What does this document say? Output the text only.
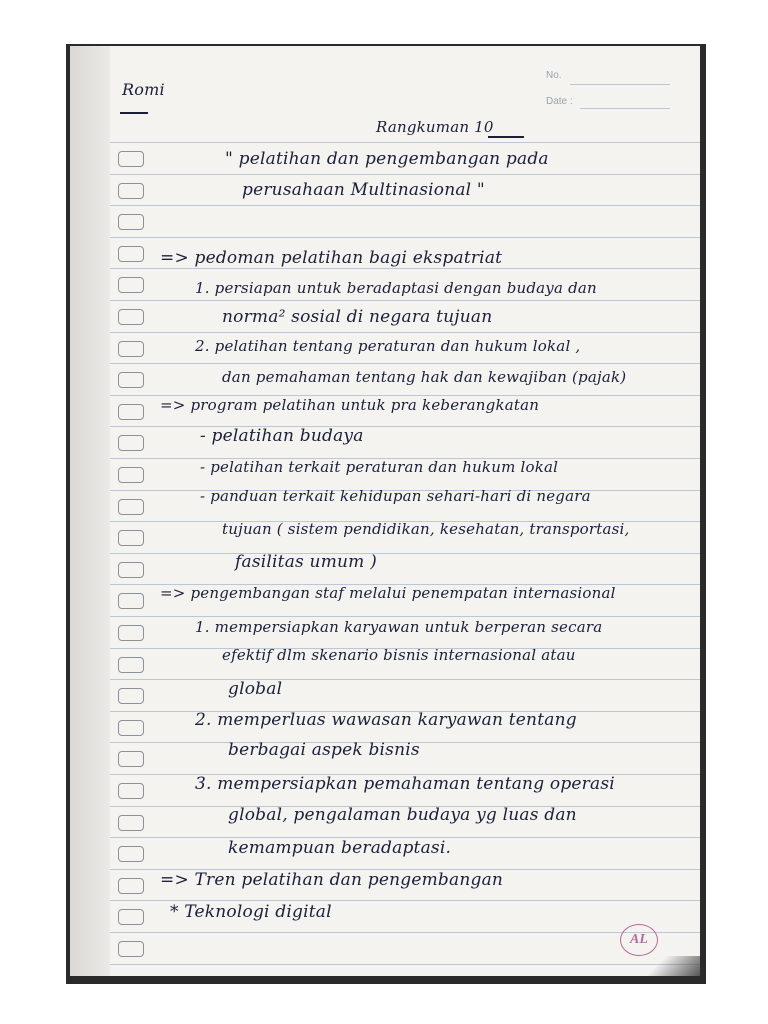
No.
Date :
Romi
Rangkuman 10
" pelatihan dan pengembangan pada
perusahaan Multinasional "
=> pedoman pelatihan bagi ekspatriat
1. persiapan untuk beradaptasi dengan budaya dan
norma² sosial di negara tujuan
2. pelatihan tentang peraturan dan hukum lokal ,
dan pemahaman tentang hak dan kewajiban (pajak)
=> program pelatihan untuk pra keberangkatan
- pelatihan budaya
- pelatihan terkait peraturan dan hukum lokal
- panduan terkait kehidupan sehari-hari di negara
tujuan ( sistem pendidikan, kesehatan, transportasi,
fasilitas umum )
=> pengembangan staf melalui penempatan internasional
1. mempersiapkan karyawan untuk berperan secara
efektif dlm skenario bisnis internasional atau
global
2. memperluas wawasan karyawan tentang
berbagai aspek bisnis
3. mempersiapkan pemahaman tentang operasi
global, pengalaman budaya yg luas dan
kemampuan beradaptasi.
=> Tren pelatihan dan pengembangan
* Teknologi digital
AL
